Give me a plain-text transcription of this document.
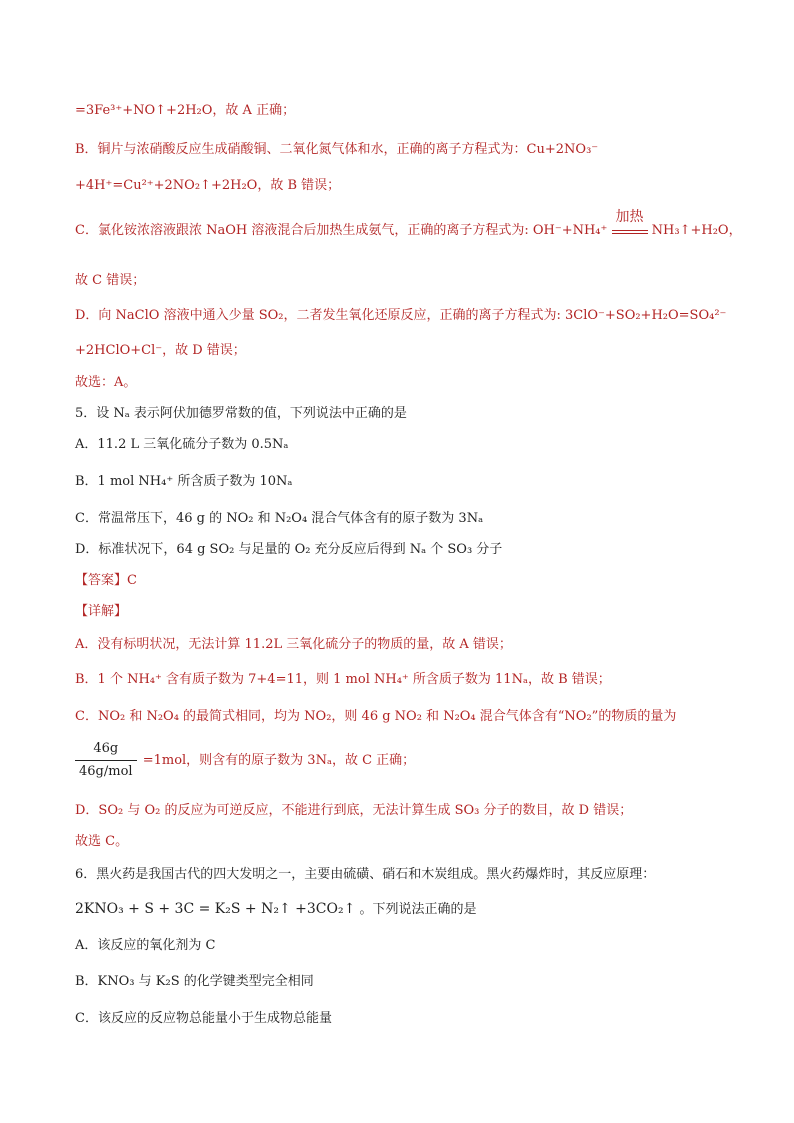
=3Fe³⁺+NO↑+2H₂O，故 A 正确；
B．铜片与浓硝酸反应生成硝酸铜、二氧化氮气体和水，正确的离子方程式为：Cu+2NO₃⁻
+4H⁺=Cu²⁺+2NO₂↑+2H₂O，故 B 错误；
C．氯化铵浓溶液跟浓 NaOH 溶液混合后加热生成氨气，正确的离子方程式为: OH⁻+NH₄⁺
加热
NH₃↑+H₂O，
故 C 错误；
D．向 NaClO 溶液中通入少量 SO₂，二者发生氧化还原反应，正确的离子方程式为: 3ClO⁻+SO₂+H₂O=SO₄²⁻
+2HClO+Cl⁻，故 D 错误；
故选：A。
5．设 Nₐ 表示阿伏加德罗常数的值，下列说法中正确的是
A．11.2 L 三氧化硫分子数为 0.5Nₐ
B．1 mol NH₄⁺ 所含质子数为 10Nₐ
C．常温常压下，46 g 的 NO₂ 和 N₂O₄ 混合气体含有的原子数为 3Nₐ
D．标准状况下，64 g SO₂ 与足量的 O₂ 充分反应后得到 Nₐ 个 SO₃ 分子
【答案】C
【详解】
A．没有标明状况，无法计算 11.2L 三氧化硫分子的物质的量，故 A 错误；
B．1 个 NH₄⁺ 含有质子数为 7+4=11，则 1 mol NH₄⁺ 所含质子数为 11Nₐ，故 B 错误；
C．NO₂ 和 N₂O₄ 的最简式相同，均为 NO₂，则 46 g NO₂ 和 N₂O₄ 混合气体含有“NO₂”的物质的量为
$\frac{46g}{\text{46g/mol}} =1mol$，则含有的原子数为 3Nₐ，故 C 正确；
D．SO₂ 与 O₂ 的反应为可逆反应，不能进行到底，无法计算生成 SO₃ 分子的数目，故 D 错误；
故选 C。
6．黑火药是我国古代的四大发明之一，主要由硫磺、硝石和木炭组成。黑火药爆炸时，其反应原理：
2KNO₃ + S + 3C = K₂S + N₂↑ +3CO₂↑ 。下列说法正确的是
A．该反应的氧化剂为 C
B．KNO₃ 与 K₂S 的化学键类型完全相同
C．该反应的反应物总能量小于生成物总能量
